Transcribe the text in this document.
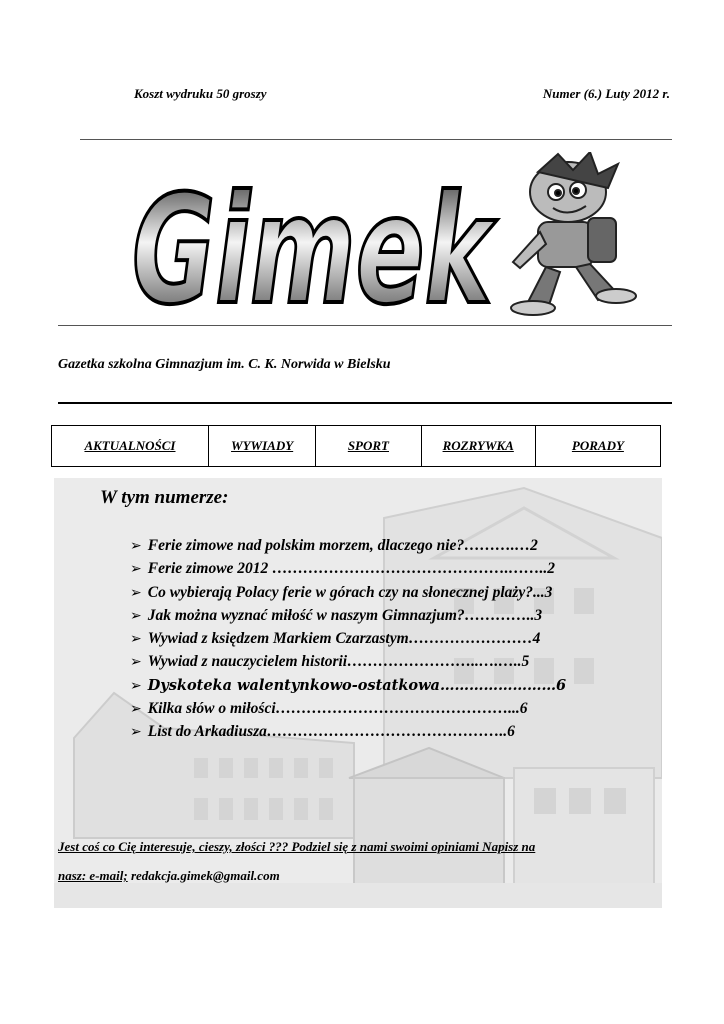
Koszt wydruku 50 groszy	Numer (6.) Luty 2012 r.
Gimek
Gazetka szkolna Gimnazjum im. C. K. Norwida w Bielsku
AKTUALNOŚCI	WYWIADY	SPORT	ROZRYWKA	PORADY
W tym numerze:
➢ Ferie zimowe nad polskim morzem, dlaczego nie?……….…2
➢ Ferie zimowe 2012 ……………………………………….……..2
➢ Co wybierają Polacy ferie w górach czy na słonecznej plaży?...3
➢ Jak można wyznać miłość w naszym Gimnazjum?…………..3
➢ Wywiad z księdzem Markiem Czarzastym……………………4
➢ Wywiad z nauczycielem historii……………………..….…..5
➢ Dyskoteka walentynkowo-ostatkowa……………………6
➢ Kilka słów o miłości………………………………………...6
➢ List do Arkadiusza………………………………………..6
Jest coś co Cię interesuje, cieszy, złości ??? Podziel się z nami swoimi opiniami Napisz na
nasz: e-mail; redakcja.gimek@gmail.com
